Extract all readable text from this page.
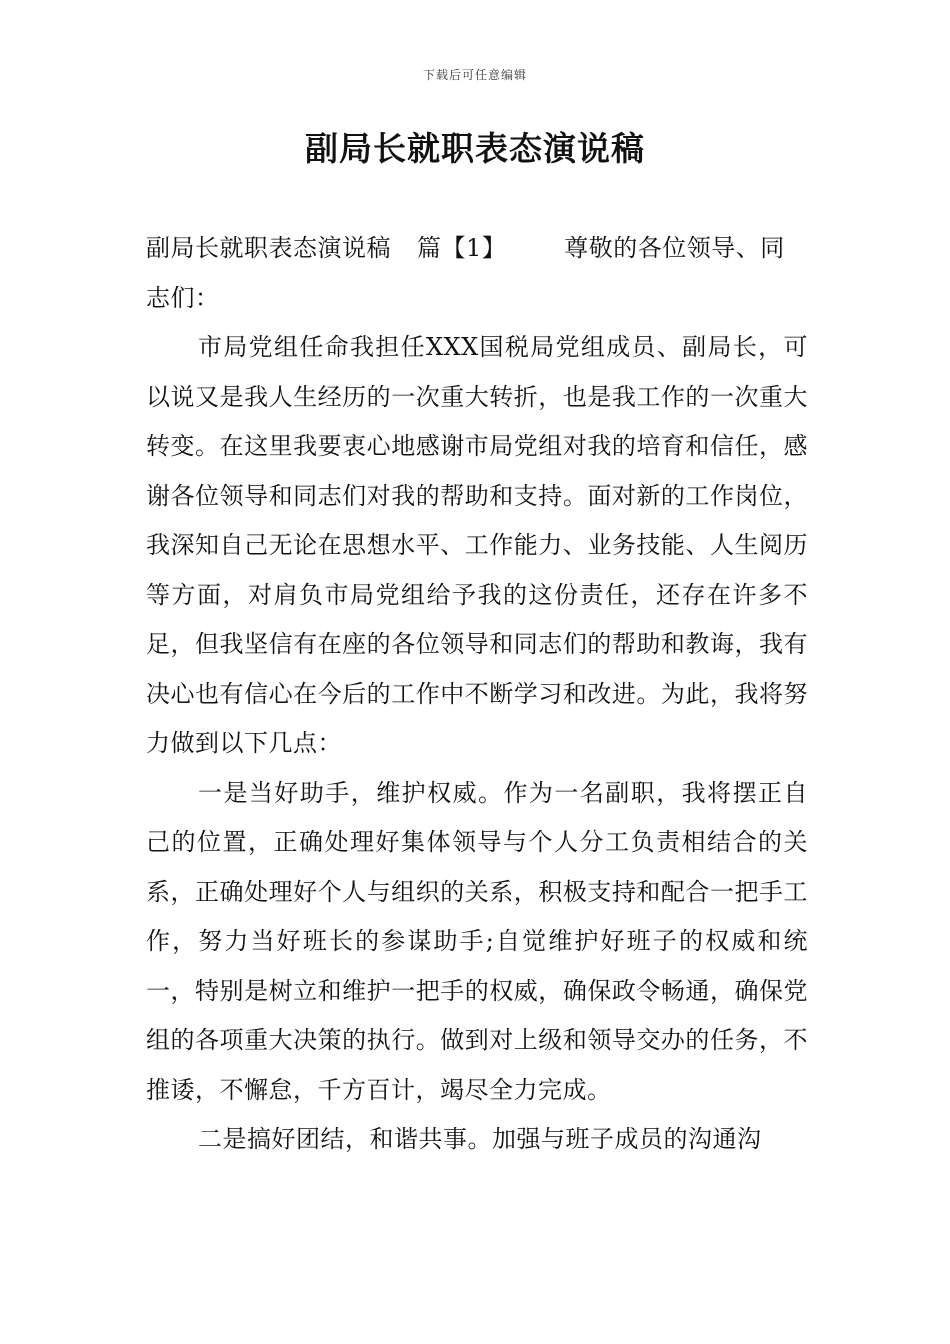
下载后可任意编辑
副局长就职表态演说稿

副局长就职表态演说稿 篇【1】 尊敬的各位领导、同

志们：

市局党组任命我担任XXX国税局党组成员、副局长，可以说又是我人生经历的一次重大转折，也是我工作的一次重大转变。在这里我要衷心地感谢市局党组对我的培育和信任，感谢各位领导和同志们对我的帮助和支持。面对新的工作岗位，我深知自己无论在思想水平、工作能力、业务技能、人生阅历等方面，对肩负市局党组给予我的这份责任，还存在许多不足，但我坚信有在座的各位领导和同志们的帮助和教诲，我有决心也有信心在今后的工作中不断学习和改进。为此，我将努力做到以下几点：

一是当好助手，维护权威。作为一名副职，我将摆正自己的位置，正确处理好集体领导与个人分工负责相结合的关系，正确处理好个人与组织的关系，积极支持和配合一把手工作，努力当好班长的参谋助手;自觉维护好班子的权威和统一，特别是树立和维护一把手的权威，确保政令畅通，确保党组的各项重大决策的执行。做到对上级和领导交办的任务，不推诿，不懈怠，千方百计，竭尽全力完成。

二是搞好团结，和谐共事。加强与班子成员的沟通沟
